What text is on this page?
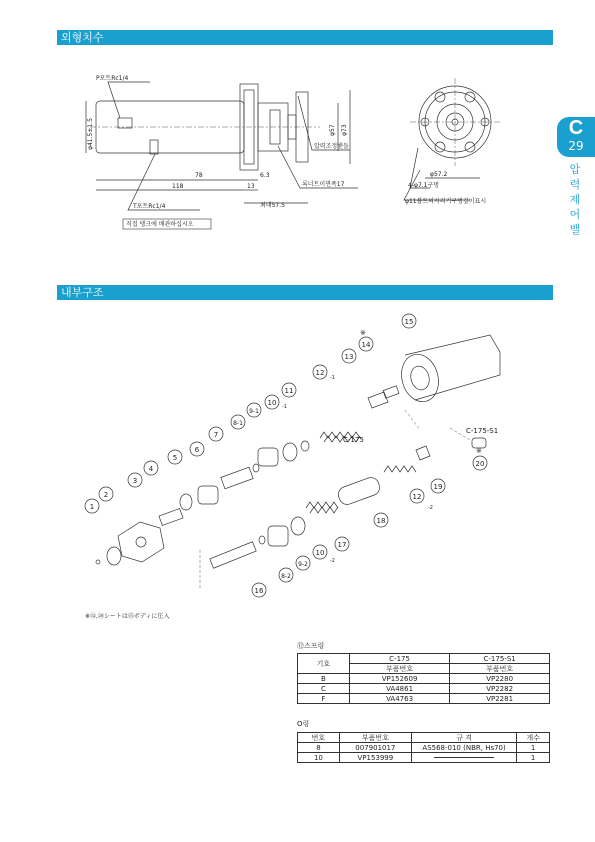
외형치수
내부구조
C
29
압력제어밸
P포트Rc1/4
T포트Rc1/4
직접 탱크에 배관하십시오
φ41.5±1.5	φ57 φ73
78	6.3
118	13
최대57.5
압력조정핸들
록너트이면폭17
φ57.2
4-φ7.1구멍
φ11볼트의자리기구멍깊이표시
1
2
3
4
5
6
7
8-1
9-1
10
11
12
13
14
15
16
8-2
9-2
10
17
18
12
19
20
-1
-1
-2
-2
C-175
C-175-S1
※
※
※⑭,⑳シートは⑮ボディに圧入
⑫스프링
기호	C-175	C-175-S1
	부품번호	부품번호
B	VP152609	VP2280
C	VA4861	VP2282
F	VA4763	VP2281
O링
번호	부품번호	규 격	개수
8	007901017	AS568-010 (NBR, Hs70)	1
10	VP153999		1
